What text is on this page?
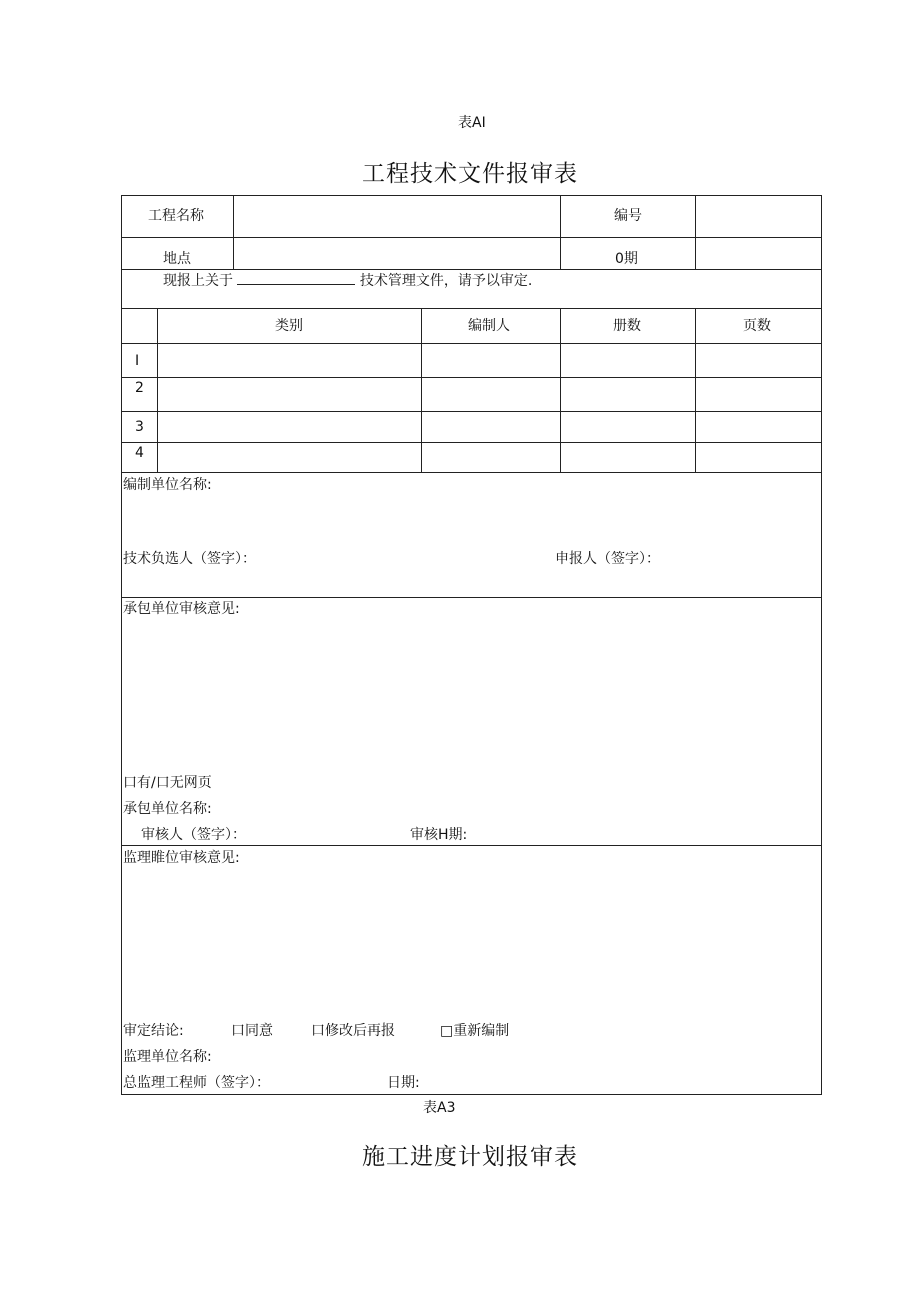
表AI
工程技术文件报审表
工程名称	编号
地点	0期
现报上关于	技术管理文件，请予以审定.
类别	编制人	册数	页数
I
2
3
4
编制单位名称:
技术负选人（签字）：	申报人（签字）：
承包单位审核意见:
口有/口无网页
承包单位名称:
审核人（签字）：	审核H期:
监理睢位审核意见:
审定结论:	口同意	口修改后再报	□重新编制
监理单位名称:
总监理工程师（签字）：	日期:
表A3
施工进度计划报审表
